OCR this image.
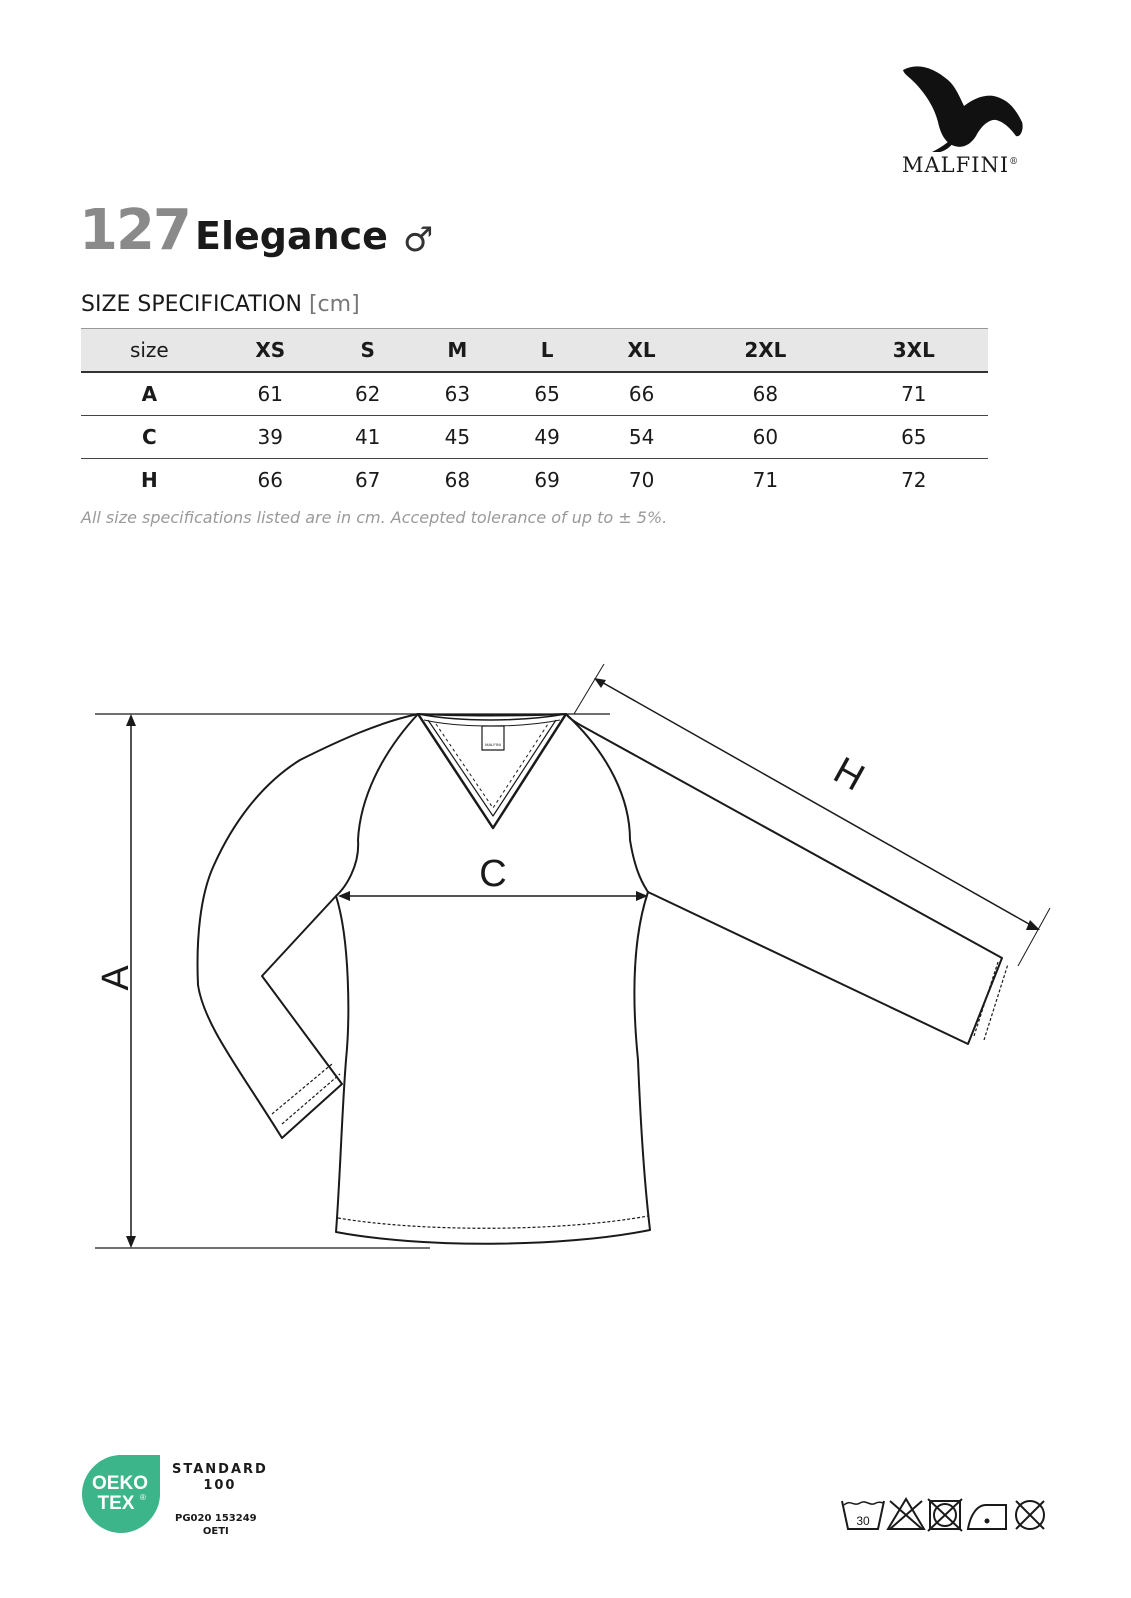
MALFINI®
127 Elegance ♂
SIZE SPECIFICATION [cm]
size	XS	S	M	L	XL	2XL	3XL
A	61	62	63	65	66	68	71
C	39	41	45	49	54	60	65
H	66	67	68	69	70	71	72
All size specifications listed are in cm. Accepted tolerance of up to ± 5%.
C
A
H
MALFINI
OEKO
TEX ®
STANDARD
100
PG020 153249
OETI
30
